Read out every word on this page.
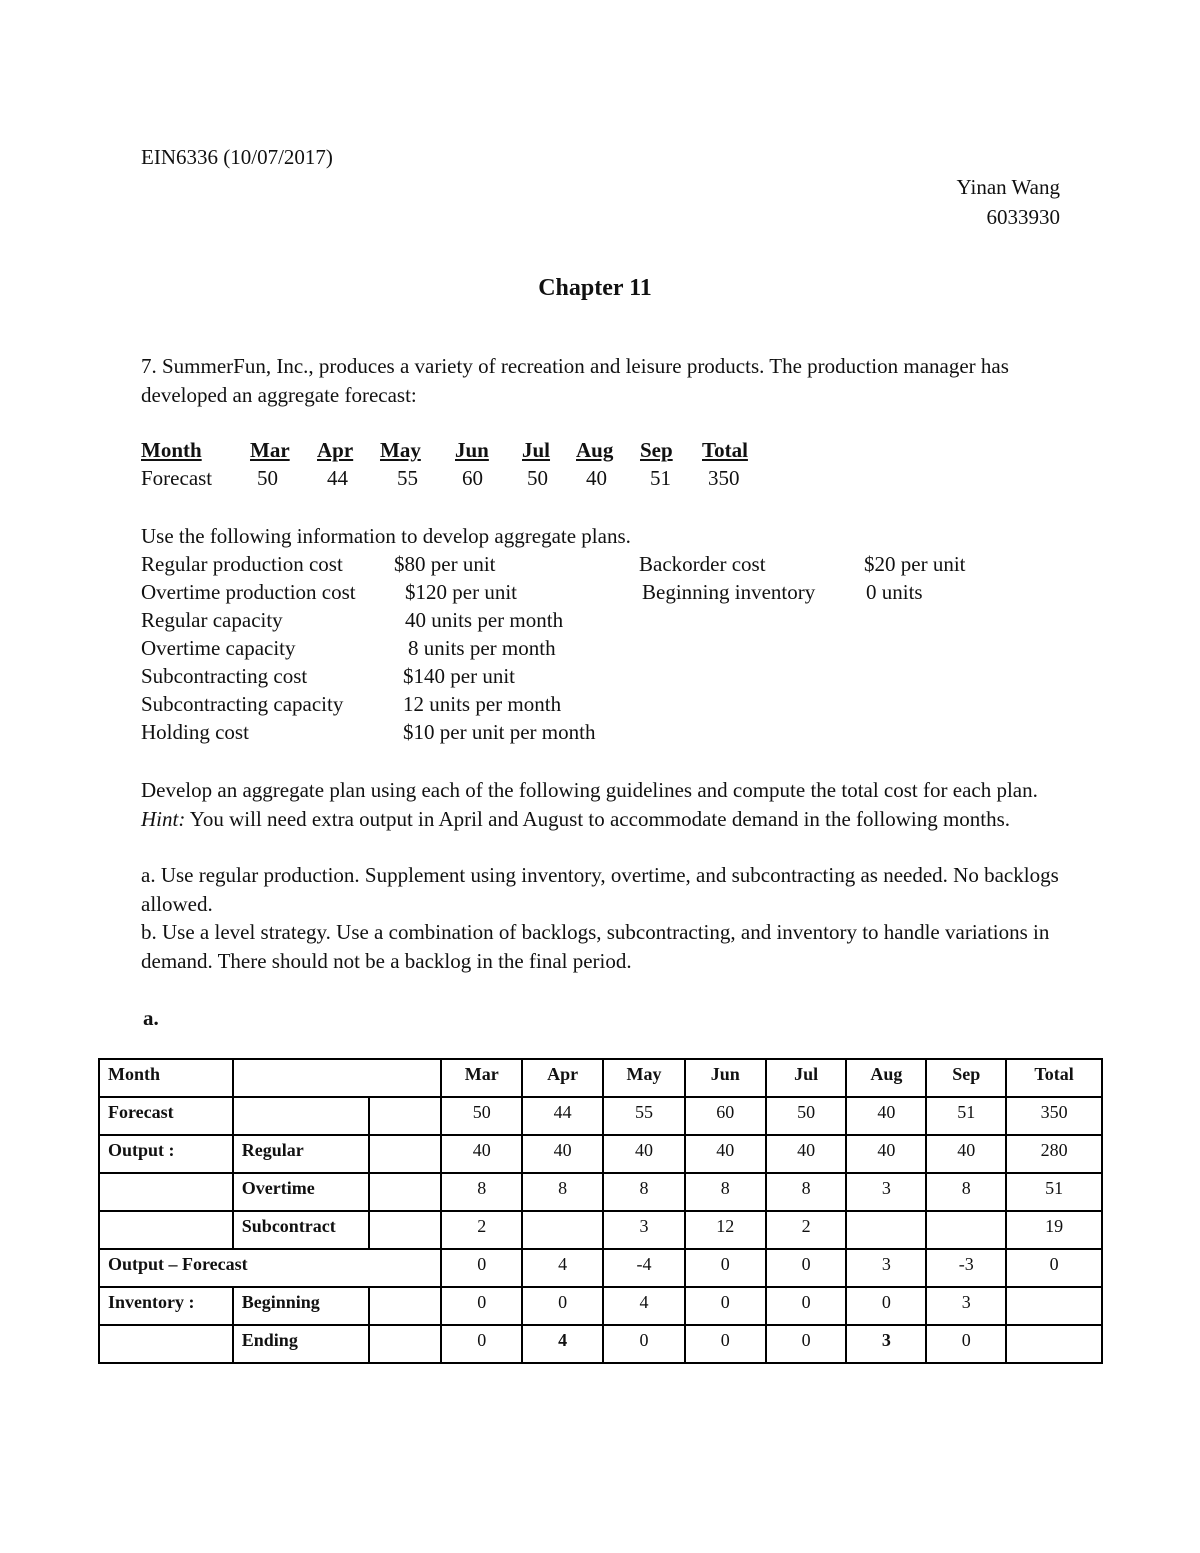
EIN6336 (10/07/2017)
Yinan Wang
6033930
Chapter 11
7. SummerFun, Inc., produces a variety of recreation and leisure products. The production manager has developed an aggregate forecast:
Month Mar Apr May Jun Jul Aug Sep Total
Forecast 50 44 55 60 50 40 51 350
Use the following information to develop aggregate plans.
Regular production cost $80 per unit
Overtime production cost $120 per unit
Regular capacity	40 units per month
Overtime capacity	8 units per month
Subcontracting cost	$140 per unit
Subcontracting capacity	12 units per month
Holding cost	$10 per unit per month
Backorder cost	$20 per unit
Beginning inventory 0 units
Develop an aggregate plan using each of the following guidelines and compute the total cost for each plan. Hint: You will need extra output in April and August to accommodate demand in the following months.
a. Use regular production. Supplement using inventory, overtime, and subcontracting as needed. No backlogs allowed.
b. Use a level strategy. Use a combination of backlogs, subcontracting, and inventory to handle variations in demand. There should not be a backlog in the final period.
a.
Month			Mar	Apr	May	Jun	Jul	Aug	Sep	Total
Forecast			50	44	55	60	50	40	51	350
Output :	Regular		40	40	40	40	40	40	40	280
	Overtime		8	8	8	8	8	3	8	51
	Subcontract		2		3	12	2			19
Output – Forecast			0	4	-4	0	0	3	-3	0
Inventory :	Beginning		0	0	4	0	0	0	3	
	Ending		0	4	0	0	0	3	0	
